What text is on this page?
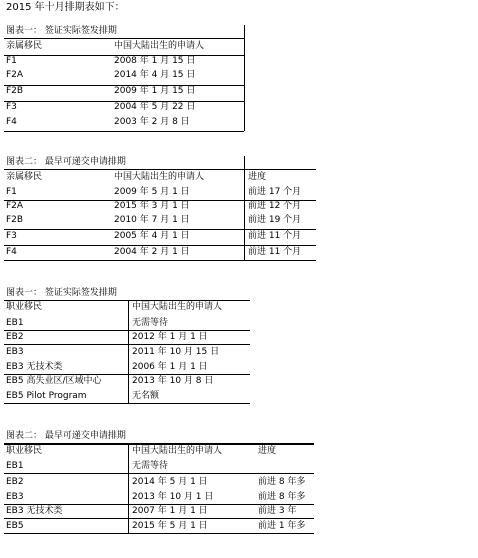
2015 年十月排期表如下：
图表一： 签证实际签发排期
亲属移民	中国大陆出生的申请人
F1	2008 年 1 月 15 日
F2A	2014 年 4 月 15 日
F2B	2009 年 1 月 15 日
F3	2004 年 5 月 22 日
F4	2003 年 2 月 8 日
图表二： 最早可递交申请排期
亲属移民	中国大陆出生的申请人	进度
F1	2009 年 5 月 1 日	前进 17 个月
F2A	2015 年 3 月 1 日	前进 12 个月
F2B	2010 年 7 月 1 日	前进 19 个月
F3	2005 年 4 月 1 日	前进 11 个月
F4	2004 年 2 月 1 日	前进 11 个月
图表一： 签证实际签发排期
职业移民	中国大陆出生的申请人
EB1	无需等待
EB2	2012 年 1 月 1 日
EB3	2011 年 10 月 15 日
EB3 无技术类	2006 年 1 月 1 日
EB5 高失业区/区域中心	2013 年 10 月 8 日
EB5 Pilot Program	无名额
图表二： 最早可递交申请排期
职业移民	中国大陆出生的申请人	进度
EB1	无需等待
EB2	2014 年 5 月 1 日	前进 8 年多
EB3	2013 年 10 月 1 日	前进 8 年多
EB3 无技术类	2007 年 1 月 1 日	前进 3 年
EB5	2015 年 5 月 1 日	前进 1 年多
